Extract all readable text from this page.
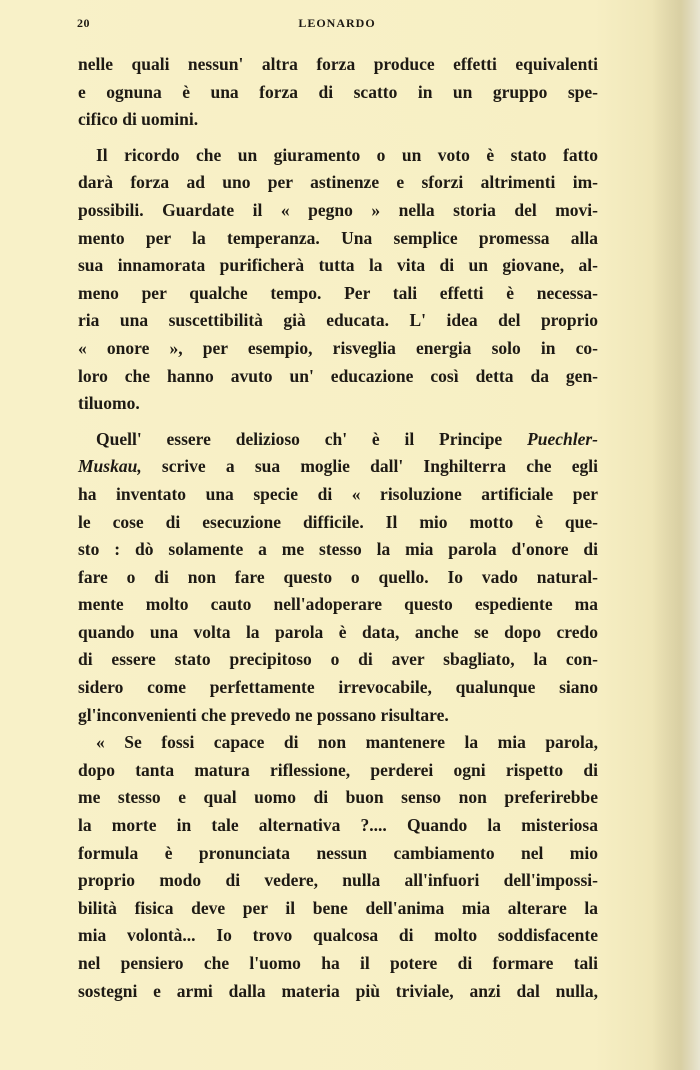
20	LEONARDO
nelle quali nessun' altra forza produce effetti equivalenti
e ognuna è una forza di scatto in un gruppo spe-
cifico di uomini.
Il ricordo che un giuramento o un voto è stato fatto
darà forza ad uno per astinenze e sforzi altrimenti im-
possibili. Guardate il « pegno » nella storia del movi-
mento per la temperanza. Una semplice promessa alla
sua innamorata purificherà tutta la vita di un giovane, al-
meno per qualche tempo. Per tali effetti è necessa-
ria una suscettibilità già educata. L' idea del proprio
« onore », per esempio, risveglia energia solo in co-
loro che hanno avuto un' educazione così detta da gen-
tiluomo.
Quell' essere delizioso ch' è il Principe Puechler-
Muskau, scrive a sua moglie dall' Inghilterra che egli
ha inventato una specie di « risoluzione artificiale per
le cose di esecuzione difficile. Il mio motto è que-
sto : dò solamente a me stesso la mia parola d'onore di
fare o di non fare questo o quello. Io vado natural-
mente molto cauto nell'adoperare questo espediente ma
quando una volta la parola è data, anche se dopo credo
di essere stato precipitoso o di aver sbagliato, la con-
sidero come perfettamente irrevocabile, qualunque siano
gl'inconvenienti che prevedo ne possano risultare.
« Se fossi capace di non mantenere la mia parola,
dopo tanta matura riflessione, perderei ogni rispetto di
me stesso e qual uomo di buon senso non preferirebbe
la morte in tale alternativa ?.... Quando la misteriosa
formula è pronunciata nessun cambiamento nel mio
proprio modo di vedere, nulla all'infuori dell'impossi-
bilità fisica deve per il bene dell'anima mia alterare la
mia volontà... Io trovo qualcosa di molto soddisfacente
nel pensiero che l'uomo ha il potere di formare tali
sostegni e armi dalla materia più triviale, anzi dal nulla,
